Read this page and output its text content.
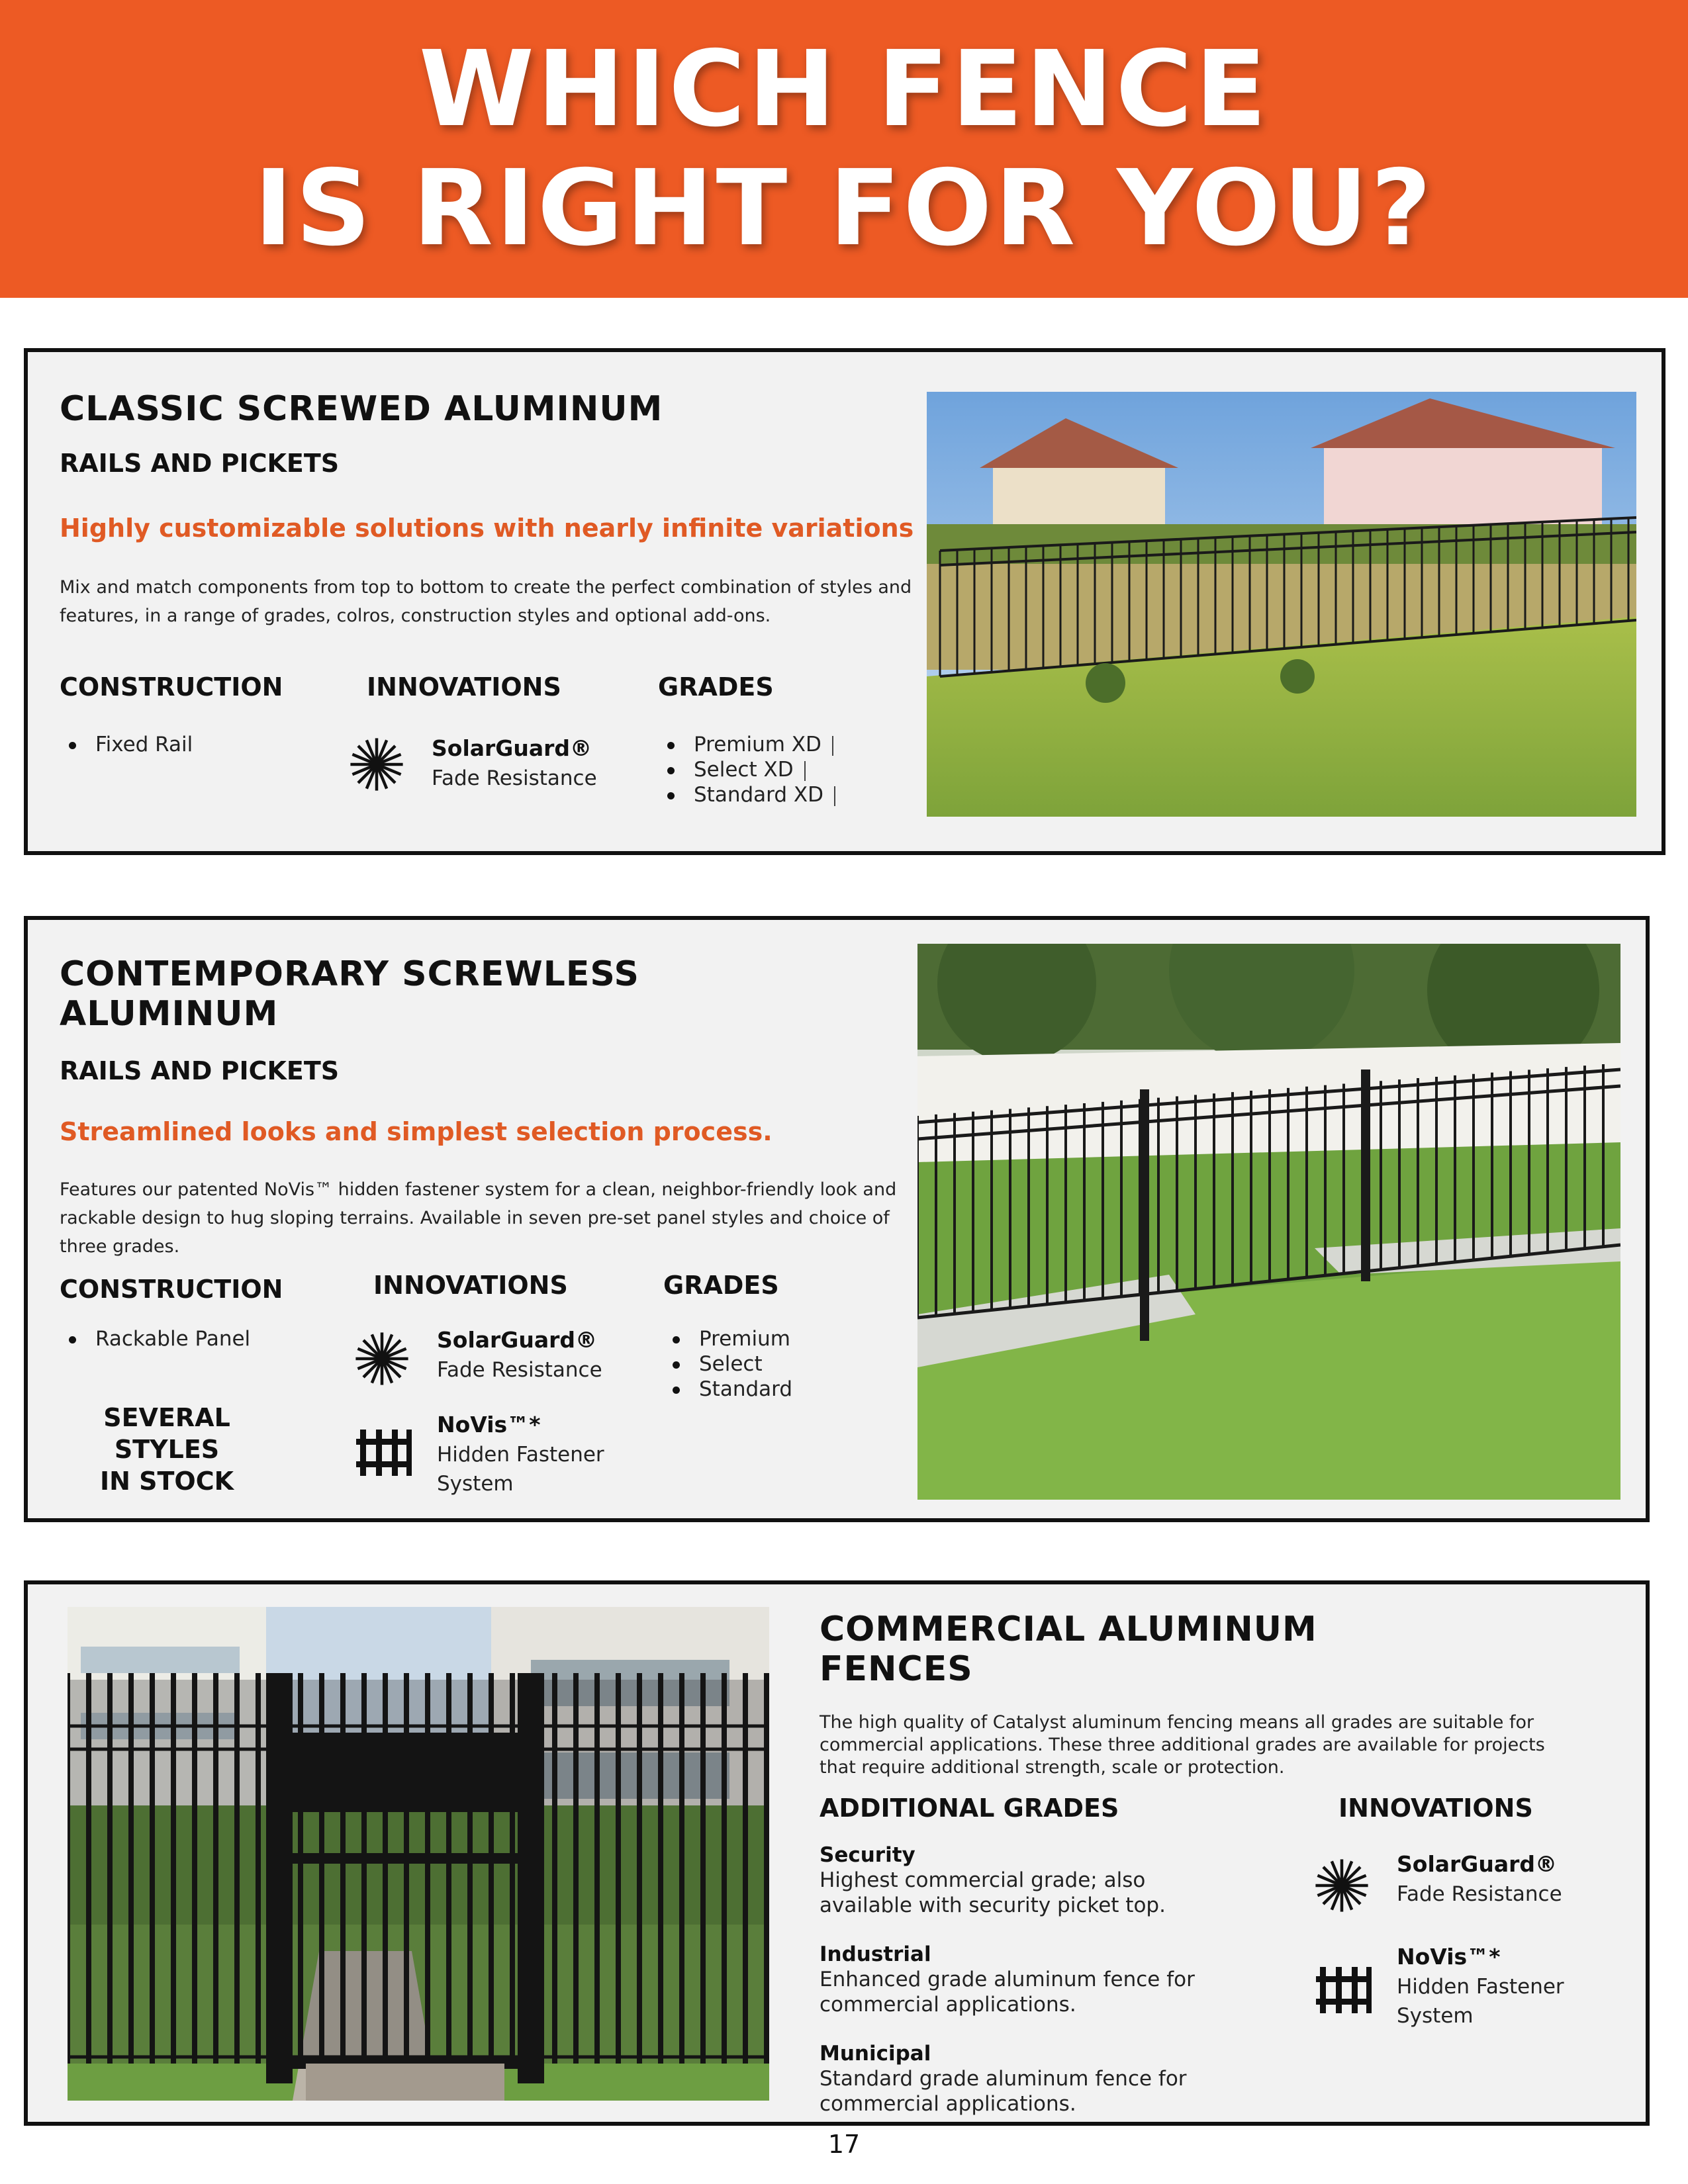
WHICH FENCE
IS RIGHT FOR YOU?
CLASSIC SCREWED ALUMINUM
RAILS AND PICKETS
Highly customizable solutions with nearly infinite variations
Mix and match components from top to bottom to create the perfect combination of styles and features, in a range of grades, colros, construction styles and optional add-ons.
CONSTRUCTION
Fixed Rail
INNOVATIONS
SolarGuard®
Fade Resistance
GRADES
Premium XD
Select XD
Standard XD
CONTEMPORARY SCREWLESS
ALUMINUM
RAILS AND PICKETS
Streamlined looks and simplest selection process.
Features our patented NoVis™ hidden fastener system for a clean, neighbor-friendly look and rackable design to hug sloping terrains. Available in seven pre-set panel styles and choice of three grades.
CONSTRUCTION
Rackable Panel
SEVERAL
STYLES
IN STOCK
INNOVATIONS
SolarGuard®
Fade Resistance
NoVis™*
Hidden Fastener
System
GRADES
Premium
Select
Standard
COMMERCIAL ALUMINUM
FENCES
The high quality of Catalyst aluminum fencing means all grades are suitable for commercial applications. These three additional grades are available for projects that require additional strength, scale or protection.
ADDITIONAL GRADES
Security
Highest commercial grade; also available with security picket top.
Industrial
Enhanced grade aluminum fence for commercial applications.
Municipal
Standard grade aluminum fence for commercial applications.
INNOVATIONS
SolarGuard®
Fade Resistance
NoVis™*
Hidden Fastener
System
17
